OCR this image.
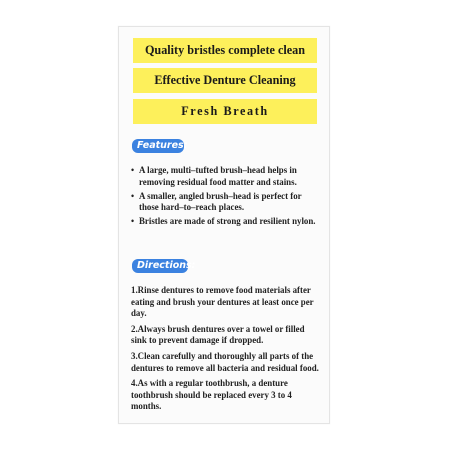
Quality bristles complete clean
Effective Denture Cleaning
Fresh Breath
Features:
• A large, multi–tufted brush–head helps in removing residual food matter and stains.
• A smaller, angled brush–head is perfect for those hard–to–reach places.
• Bristles are made of strong and resilient nylon.
Directions:
1.Rinse dentures to remove food materials after eating and brush your dentures at least once per day.
2.Always brush dentures over a towel or filled sink to prevent damage if dropped.
3.Clean carefully and thoroughly all parts of the dentures to remove all bacteria and residual food.
4.As with a regular toothbrush, a denture toothbrush should be replaced every 3 to 4 months.
